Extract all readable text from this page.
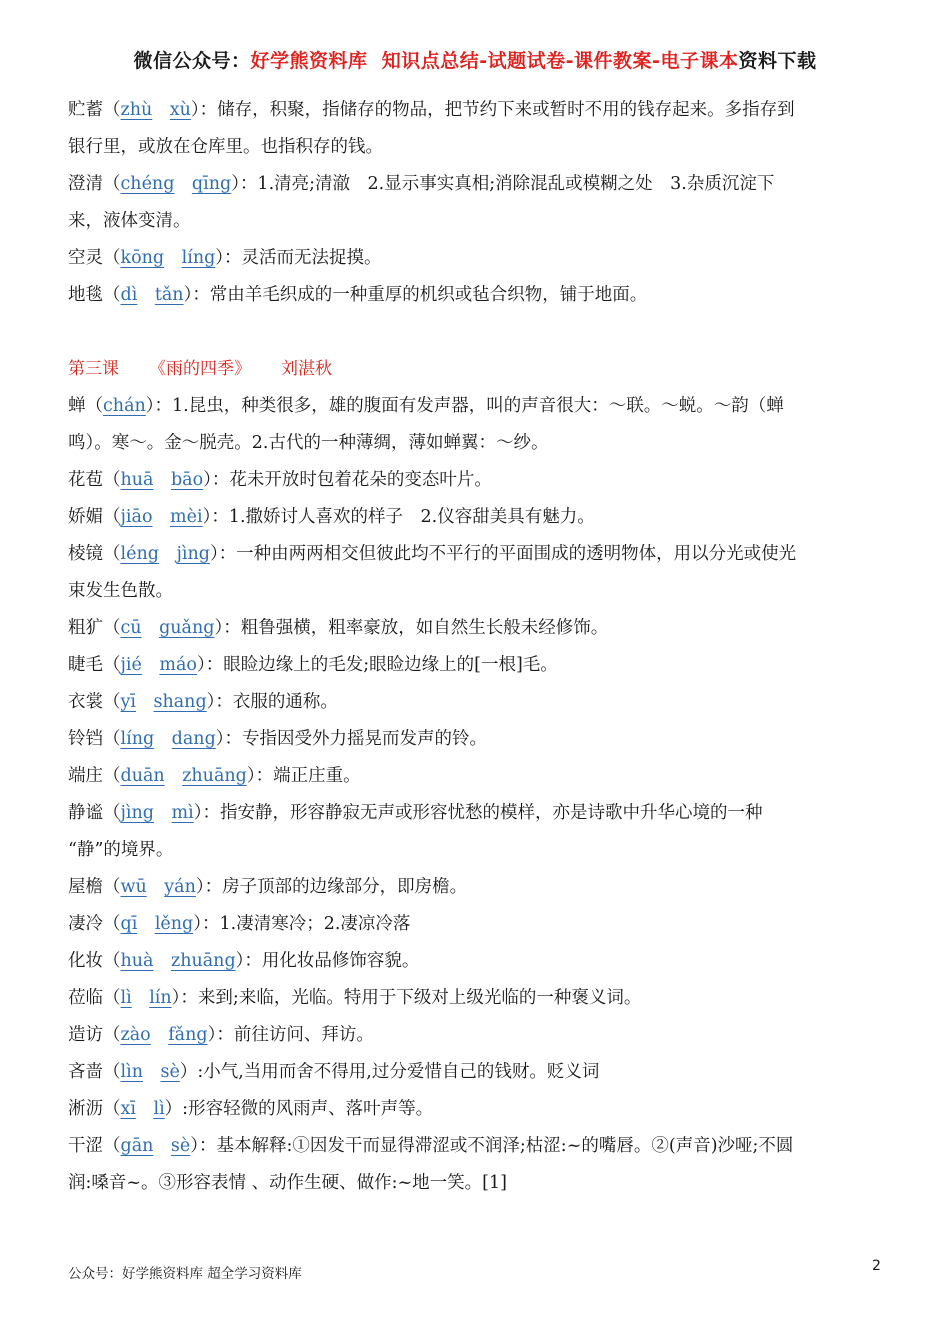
微信公众号：好学熊资料库 知识点总结-试题试卷-课件教案-电子课本资料下载
贮蓄（zhù  xù）：储存，积聚，指储存的物品，把节约下来或暂时不用的钱存起来。多指存到
银行里，或放在仓库里。也指积存的钱。
澄清（chéng  qīng）：1.清亮;清澈　2.显示事实真相;消除混乱或模糊之处　3.杂质沉淀下
来，液体变清。
空灵（kōng  líng）：灵活而无法捉摸。
地毯（dì  tǎn）：常由羊毛织成的一种重厚的机织或毡合织物，铺于地面。
第三课 《雨的四季》 刘湛秋
蝉（chán）：1.昆虫，种类很多，雄的腹面有发声器，叫的声音很大：～联。～蜕。～韵（蝉
鸣）。寒～。金～脱壳。2.古代的一种薄绸，薄如蝉翼：～纱。
花苞（huā  bāo）：花未开放时包着花朵的变态叶片。
娇媚（jiāo  mèi）：1.撒娇讨人喜欢的样子　2.仪容甜美具有魅力。
棱镜（léng  jìng）：一种由两两相交但彼此均不平行的平面围成的透明物体，用以分光或使光
束发生色散。
粗犷（cū  guǎng）：粗鲁强横，粗率豪放，如自然生长般未经修饰。
睫毛（jié  máo）：眼睑边缘上的毛发;眼睑边缘上的[一根]毛。
衣裳（yī  shang）：衣服的通称。
铃铛（líng  dang）：专指因受外力摇晃而发声的铃。
端庄（duān  zhuāng）：端正庄重。
静谧（jìng  mì）：指安静，形容静寂无声或形容忧愁的模样，亦是诗歌中升华心境的一种
“静”的境界。
屋檐（wū  yán）：房子顶部的边缘部分，即房檐。
凄冷（qī  lěng）：1.凄清寒冷；2.凄凉冷落
化妆（huà  zhuāng）：用化妆品修饰容貌。
莅临（lì  lín）：来到;来临，光临。特用于下级对上级光临的一种褒义词。
造访（zào  fǎng）：前往访问、拜访。
吝啬（lìn  sè）:小气,当用而舍不得用,过分爱惜自己的钱财。贬义词
淅沥（xī  lì）:形容轻微的风雨声、落叶声等。
干涩（gān  sè）：基本解释:①因发干而显得滞涩或不润泽;枯涩:~的嘴唇。②(声音)沙哑;不圆
润:嗓音~。③形容表情 、动作生硬、做作:~地一笑。[1]
公众号：好学熊资料库 超全学习资料库	2
